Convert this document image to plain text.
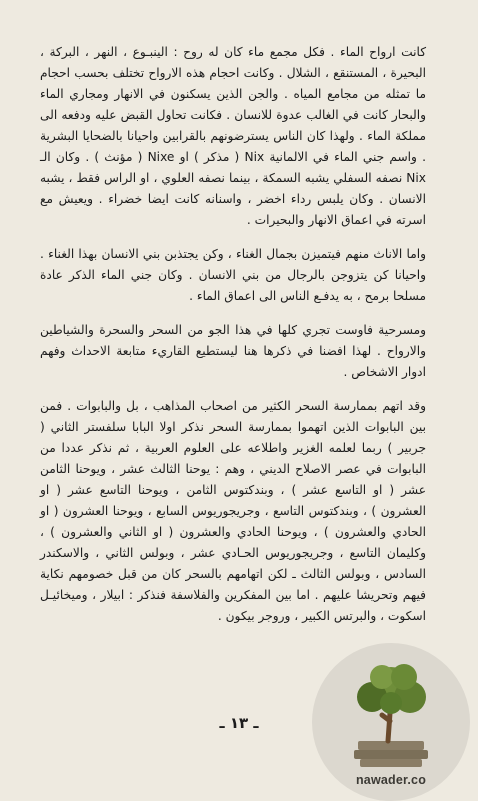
كانت ارواح الماء . فكل مجمع ماء كان له روح : الينبـوع ، النهر ، البركة ، البحيرة ، المستنقع ، الشلال . وكانت احجام هذه الارواح تختلف بحسب احجام ما تمثله من مجامع المياه . والجن الذين يسكنون في الانهار ومجاري الماء والبحار كانت في الغالب عدوة للانسان . فكانت تحاول القبض عليه ودفعه الى مملكة الماء . ولهذا كان الناس يسترضونهم بالقرابين واحيانا بالضحايا البشرية . واسم جني الماء في الالمانية Nix ( مذكر ) او Nixe ( مؤنث ) . وكان الـ Nix نصفه السفلي يشبه السمكة ، بينما نصفه العلوي ، او الراس فقط ، يشبه الانسان . وكان يلبس رداء اخضر ، واسنانه كانت ايضا خضراء . ويعيش مع اسرته في اعماق الانهار والبحيرات .

واما الاناث منهم فيتميزن بجمال الغناء ، وكن يجتذبن بني الانسان بهذا الغناء . واحيانا كن يتزوجن بالرجال من بني الانسان . وكان جني الماء الذكر عادة مسلحا برمح ، به يدفـع الناس الى اعماق الماء .

ومسرحية فاوست تجري كلها في هذا الجو من السحر والسحرة والشياطين والارواح . لهذا افضنا في ذكرها هنا ليستطيع القاريء متابعة الاحداث وفهم ادوار الاشخاص .

وقد اتهم بممارسة السحر الكثير من اصحاب المذاهب ، بل والبابوات . فمن بين البابوات الذين اتهموا بممارسة السحر نذكر اولا البابا سلفستر الثاني ( جربير ) ربما لعلمه الغزير واطلاعه على العلوم العربية ، ثم نذكر عددا من البابوات في عصر الاصلاح الديني ، وهم : يوحنا الثالث عشر ، ويوحنا الثامن عشر ( او التاسع عشر ) ، وبندكتوس الثامن ، ويوحنا التاسع عشر ( او العشرون ) ، وبندكتوس التاسع ، وجريجوريوس السابع ، ويوحنا العشرون ( او الحادي والعشرون ) ، ويوحنا الحادي والعشرون ( او الثاني والعشرون ) ، وكليمان التاسع ، وجريجوريوس الحـادي عشر ، وبولس الثاني ، والاسكندر السادس ، وبولس الثالث ـ لكن اتهامهم بالسحر كان من قبل خصومهم نكاية فيهم وتحريشا عليهم . اما بين المفكرين والفلاسفة فنذكر : ابيلار ، وميخائيـل اسكوت ، والبرتس الكبير ، وروجر بيكون .

ـ ١٣ ـ
nawader.co
